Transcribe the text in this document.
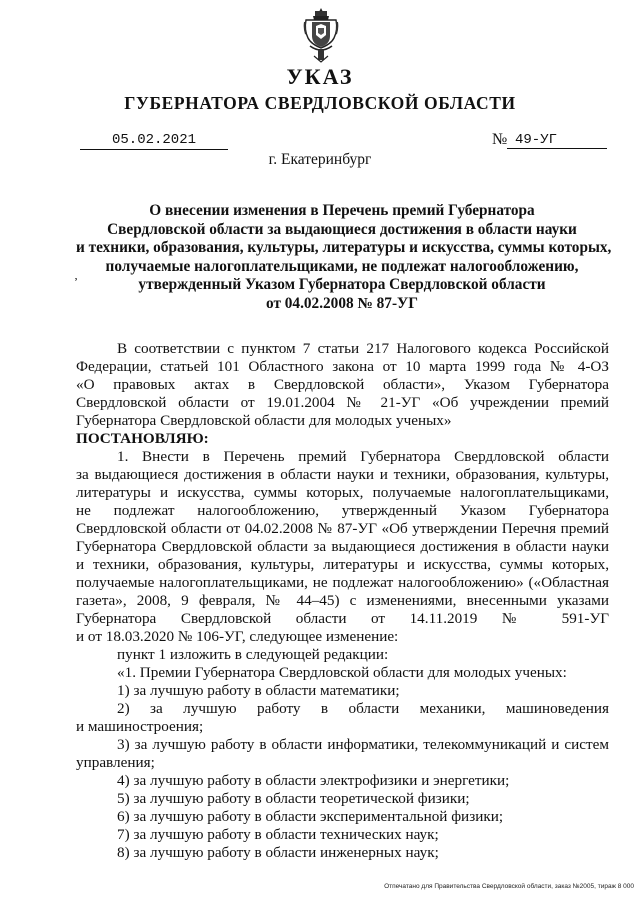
УКАЗ
ГУБЕРНАТОРА СВЕРДЛОВСКОЙ ОБЛАСТИ
05.02.2021	№ 49-УГ
г. Екатеринбург
О внесении изменения в Перечень премий Губернатора
Свердловской области за выдающиеся достижения в области науки
и техники, образования, культуры, литературы и искусства, суммы которых,
получаемые налогоплательщиками, не подлежат налогообложению,
утвержденный Указом Губернатора Свердловской области
от 04.02.2008 № 87-УГ
‚
В соответствии с пунктом 7 статьи 217 Налогового кодекса Российской
Федерации, статьей 101 Областного закона от 10 марта 1999 года № 4-ОЗ
«О правовых актах в Свердловской области», Указом Губернатора
Свердловской области от 19.01.2004 № 21-УГ «Об учреждении премий
Губернатора Свердловской области для молодых ученых»
ПОСТАНОВЛЯЮ:
1. Внести в Перечень премий Губернатора Свердловской области
за выдающиеся достижения в области науки и техники, образования, культуры,
литературы и искусства, суммы которых, получаемые налогоплательщиками,
не подлежат налогообложению, утвержденный Указом Губернатора
Свердловской области от 04.02.2008 № 87-УГ «Об утверждении Перечня премий
Губернатора Свердловской области за выдающиеся достижения в области науки
и техники, образования, культуры, литературы и искусства, суммы которых,
получаемые налогоплательщиками, не подлежат налогообложению» («Областная
газета», 2008, 9 февраля, № 44–45) с изменениями, внесенными указами
Губернатора Свердловской области от 14.11.2019 № 591-УГ
и от 18.03.2020 № 106-УГ, следующее изменение:
пункт 1 изложить в следующей редакции:
«1. Премии Губернатора Свердловской области для молодых ученых:
1) за лучшую работу в области математики;
2) за лучшую работу в области механики, машиноведения
и машиностроения;
3) за лучшую работу в области информатики, телекоммуникаций и систем
управления;
4) за лучшую работу в области электрофизики и энергетики;
5) за лучшую работу в области теоретической физики;
6) за лучшую работу в области экспериментальной физики;
7) за лучшую работу в области технических наук;
8) за лучшую работу в области инженерных наук;
Отпечатано для Правительства Свердловской области, заказ №2005, тираж 8 000
